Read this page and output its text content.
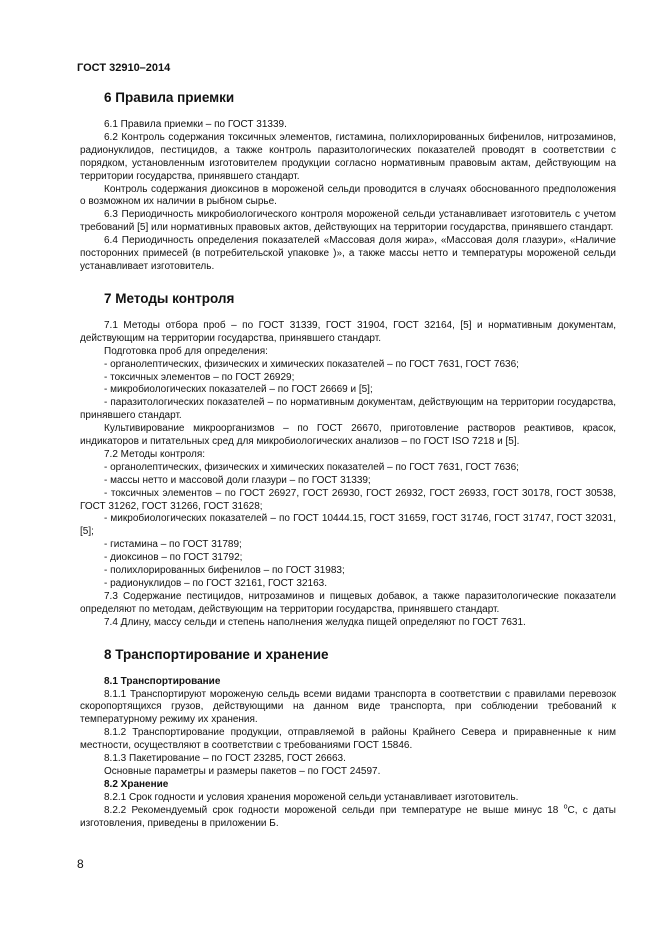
ГОСТ 32910–2014

6 Правила приемки

6.1 Правила приемки – по ГОСТ 31339.

6.2 Контроль содержания токсичных элементов, гистамина, полихлорированных бифенилов, нитрозаминов, радионуклидов, пестицидов, а также контроль паразитологических показателей проводят в соответствии с порядком, установленным изготовителем продукции согласно нормативным правовым актам, действующим на территории государства, принявшего стандарт.

Контроль содержания диоксинов в мороженой сельди проводится в случаях обоснованного предположения о возможном их наличии в рыбном сырье.

6.3 Периодичность микробиологического контроля мороженой сельди устанавливает изготовитель с учетом требований [5] или нормативных правовых актов, действующих на территории государства, принявшего стандарт.

6.4 Периодичность определения показателей «Массовая доля жира», «Массовая доля глазури», «Наличие посторонних примесей (в потребительской упаковке )», а также массы нетто и температуры мороженой сельди устанавливает изготовитель.

7 Методы контроля

7.1 Методы отбора проб – по ГОСТ 31339, ГОСТ 31904, ГОСТ 32164, [5] и нормативным документам, действующим на территории государства, принявшего стандарт.

Подготовка проб для определения:

- органолептических, физических и химических показателей – по ГОСТ 7631, ГОСТ 7636;

- токсичных элементов – по ГОСТ 26929;

- микробиологических показателей – по ГОСТ 26669 и [5];

- паразитологических показателей – по нормативным документам, действующим на территории государства, принявшего стандарт.

Культивирование микроорганизмов – по ГОСТ 26670, приготовление растворов реактивов, красок, индикаторов и питательных сред для микробиологических анализов – по ГОСТ ISO 7218 и [5].

7.2 Методы контроля:

- органолептических, физических и химических показателей – по ГОСТ 7631, ГОСТ 7636;

- массы нетто и массовой доли глазури – по ГОСТ 31339;

- токсичных элементов – по ГОСТ 26927, ГОСТ 26930, ГОСТ 26932, ГОСТ 26933, ГОСТ 30178, ГОСТ 30538, ГОСТ 31262, ГОСТ 31266, ГОСТ 31628;

- микробиологических показателей – по ГОСТ 10444.15, ГОСТ 31659, ГОСТ 31746, ГОСТ 31747, ГОСТ 32031, [5];

- гистамина – по ГОСТ 31789;

- диоксинов – по ГОСТ 31792;

- полихлорированных бифенилов – по ГОСТ 31983;

- радионуклидов – по ГОСТ 32161, ГОСТ 32163.

7.3 Содержание пестицидов, нитрозаминов и пищевых добавок, а также паразитологические показатели определяют по методам, действующим на территории государства, принявшего стандарт.

7.4 Длину, массу сельди и степень наполнения желудка пищей определяют по ГОСТ 7631.

8 Транспортирование и хранение

8.1 Транспортирование

8.1.1 Транспортируют мороженую сельдь всеми видами транспорта в соответствии с правилами перевозок скоропортящихся грузов, действующими на данном виде транспорта, при соблюдении требований к температурному режиму их хранения.

8.1.2 Транспортирование продукции, отправляемой в районы Крайнего Севера и приравненные к ним местности, осуществляют в соответствии с требованиями ГОСТ 15846.

8.1.3 Пакетирование – по ГОСТ 23285, ГОСТ 26663.

Основные параметры и размеры пакетов – по ГОСТ 24597.

8.2 Хранение

8.2.1 Срок годности и условия хранения мороженой сельди устанавливает изготовитель.

8.2.2 Рекомендуемый срок годности мороженой сельди при температуре не выше минус 18 $^о$С, с даты изготовления, приведены в приложении Б.

8
